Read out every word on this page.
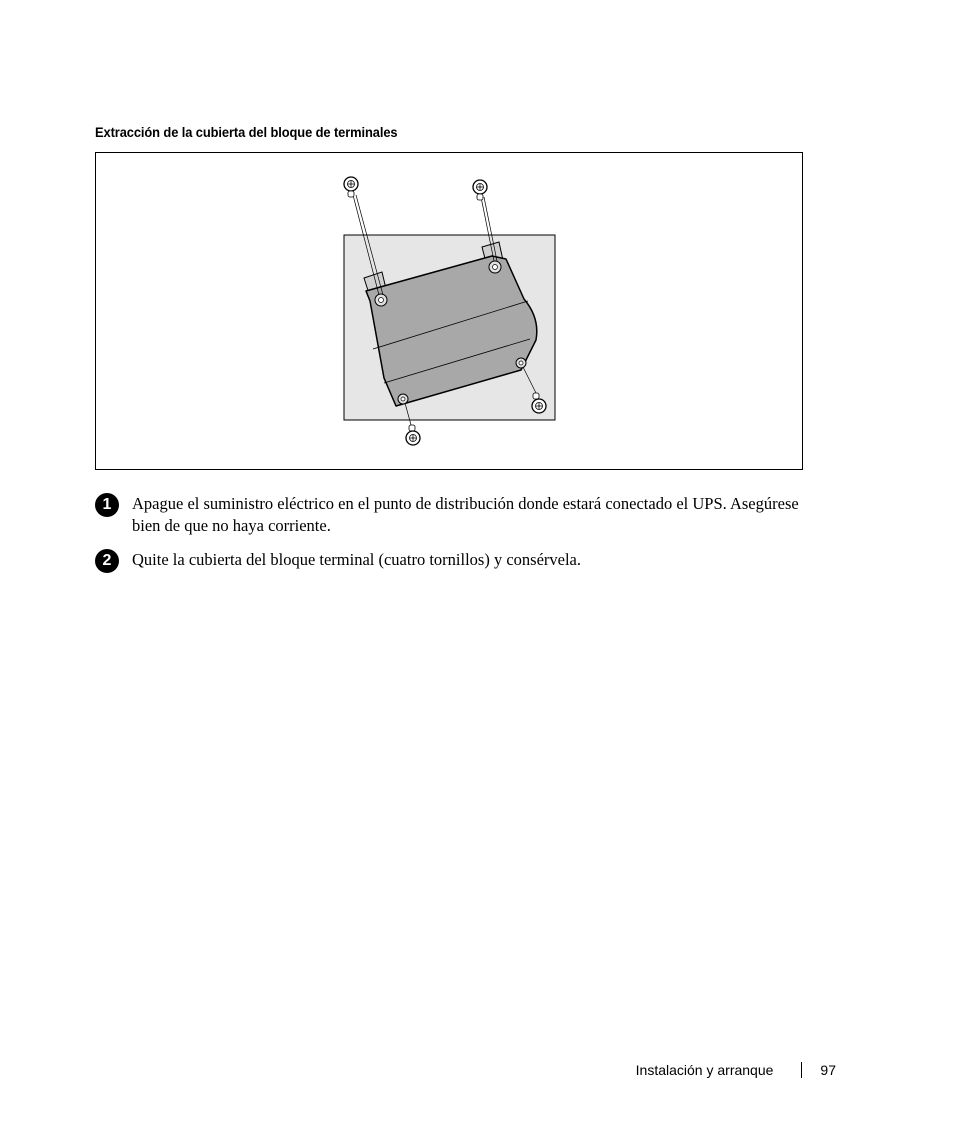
Extracción de la cubierta del bloque de terminales
1	Apague el suministro eléctrico en el punto de distribución donde estará conectado el UPS. Asegúrese bien de que no haya corriente.
2	Quite la cubierta del bloque terminal (cuatro tornillos) y consérvela.
Instalación y arranque	97
